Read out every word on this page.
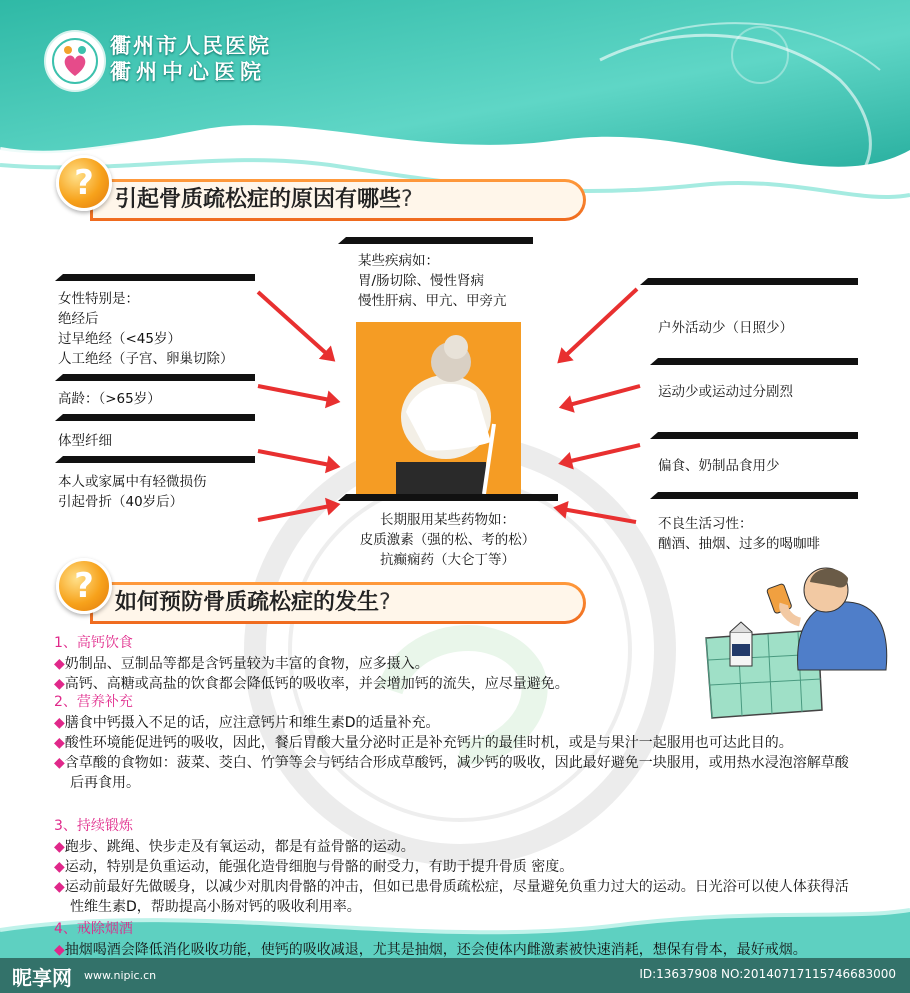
衢州市人民医院
衢州中心医院
引起骨质疏松症的原因有哪些?
?
某些疾病如：
胃/肠切除、慢性肾病
慢性肝病、甲亢、甲旁亢
长期服用某些药物如：
皮质激素（强的松、考的松）
抗癫痫药（大仑丁等）
女性特别是：
绝经后
过早绝经（<45岁）
人工绝经（子宫、卵巢切除）
高龄：（>65岁）
体型纤细
本人或家属中有轻微损伤
引起骨折（40岁后）
户外活动少（日照少）
运动少或运动过分剧烈
偏食、奶制品食用少
不良生活习性：
酗酒、抽烟、过多的喝咖啡
如何预防骨质疏松症的发生?
?
1、高钙饮食
◆奶制品、豆制品等都是含钙量较为丰富的食物，应多摄入。
◆高钙、高糖或高盐的饮食都会降低钙的吸收率，并会增加钙的流失，应尽量避免。
2、营养补充
◆膳食中钙摄入不足的话，应注意钙片和维生素D的适量补充。
◆酸性环境能促进钙的吸收，因此，餐后胃酸大量分泌时正是补充钙片的最佳时机，或是与果汁一起服用也可达此目的。
◆含草酸的食物如：菠菜、茭白、竹笋等会与钙结合形成草酸钙，减少钙的吸收，因此最好避免一块服用，或用热水浸泡溶解草酸后再食用。
3、持续锻炼
◆跑步、跳绳、快步走及有氧运动，都是有益骨骼的运动。
◆运动，特别是负重运动，能强化造骨细胞与骨骼的耐受力，有助于提升骨质 密度。
◆运动前最好先做暖身，以减少对肌肉骨骼的冲击，但如已患骨质疏松症，尽量避免负重力过大的运动。日光浴可以使人体获得活性维生素D，帮助提高小肠对钙的吸收利用率。
4、戒除烟酒
◆抽烟喝酒会降低消化吸收功能，使钙的吸收减退，尤其是抽烟，还会使体内雌激素被快速消耗，想保有骨本，最好戒烟。
昵享网 www.nipic.cn	ID:13637908 NO:20140717115746683000
